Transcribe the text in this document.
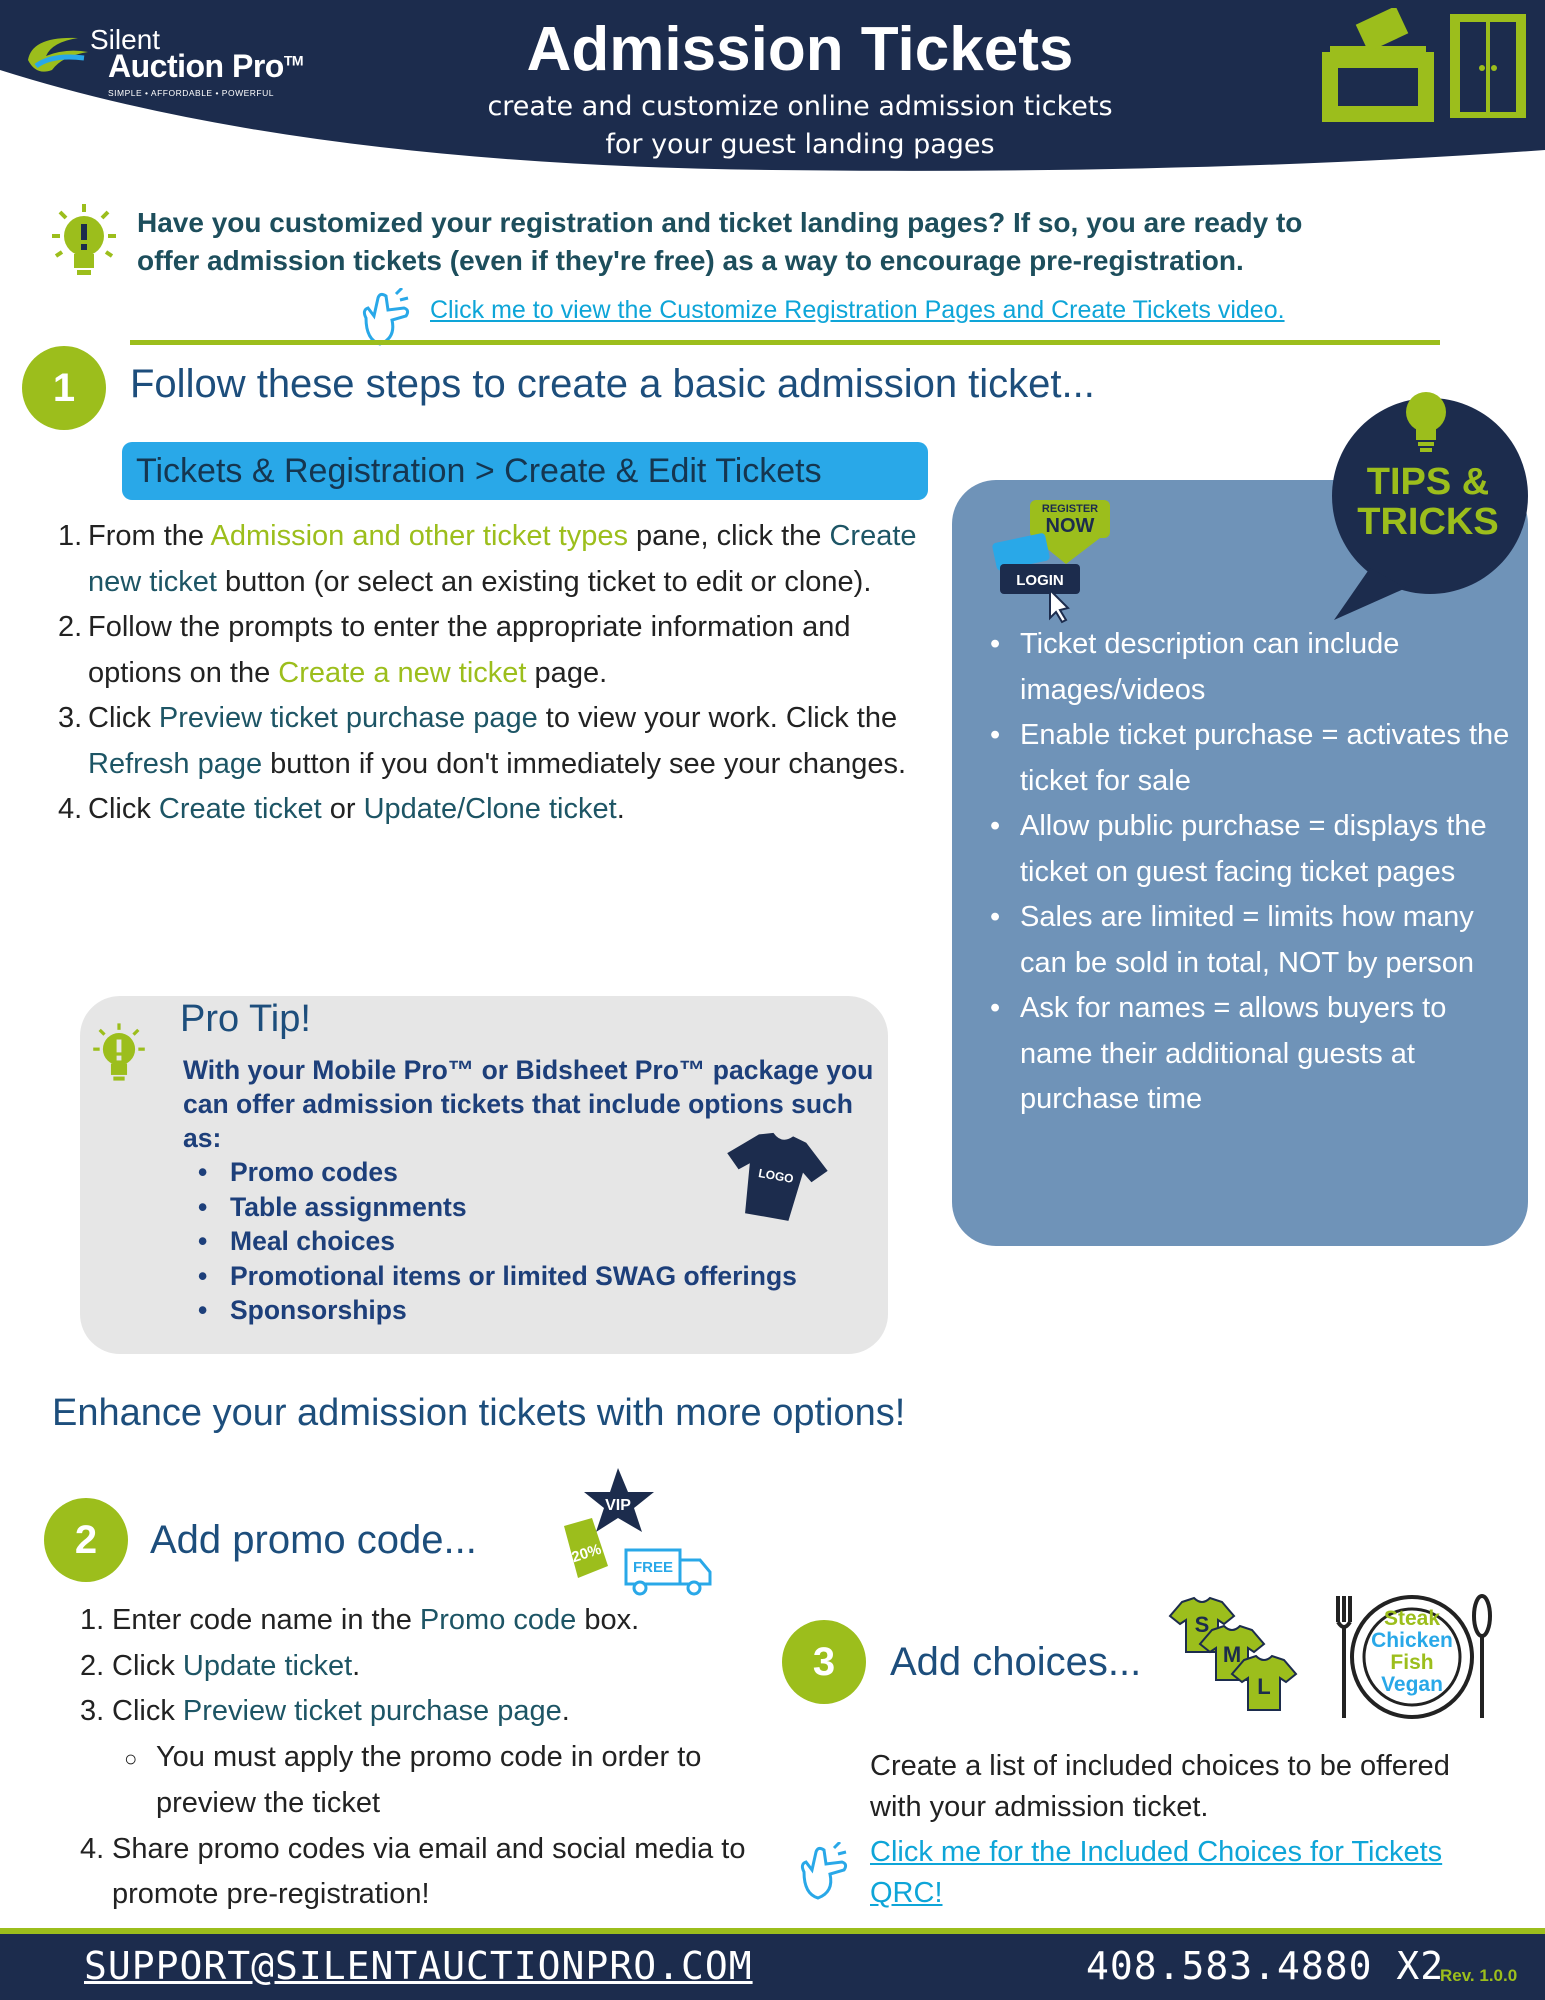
Silent
Auction Pro™
SIMPLE • AFFORDABLE • POWERFUL
Admission Tickets
create and customize online admission tickets
for your guest landing pages
Have you customized your registration and ticket landing pages? If so, you are ready to
offer admission tickets (even if they're free) as a way to encourage pre-registration.
Click me to view the Customize Registration Pages and Create Tickets video.
1	Follow these steps to create a basic admission ticket...
Tickets & Registration > Create & Edit Tickets
1. From the Admission and other ticket types pane, click the Create new ticket button (or select an existing ticket to edit or clone).
2. Follow the prompts to enter the appropriate information and options on the Create a new ticket page.
3. Click Preview ticket purchase page to view your work. Click the Refresh page button if you don't immediately see your changes.
4. Click Create ticket or Update/Clone ticket.
Pro Tip!
With your Mobile Pro™ or Bidsheet Pro™ package you can offer admission tickets that include options such as:
• Promo codes
• Table assignments
• Meal choices
• Promotional items or limited SWAG offerings
• Sponsorships
LOGO
TIPS &
TRICKS
REGISTER
NOW
LOGIN
• Ticket description can include images/videos
• Enable ticket purchase = activates the ticket for sale
• Allow public purchase = displays the ticket on guest facing ticket pages
• Sales are limited = limits how many can be sold in total, NOT by person
• Ask for names = allows buyers to name their additional guests at purchase time
Enhance your admission tickets with more options!
2	Add promo code...
VIP
20%
FREE
1. Enter code name in the Promo code box.
2. Click Update ticket.
3. Click Preview ticket purchase page.
○ You must apply the promo code in order to preview the ticket
4. Share promo codes via email and social media to promote pre-registration!
3	Add choices...
S
M
L
Steak
Chicken
Fish
Vegan
Create a list of included choices to be offered with your admission ticket.
Click me for the Included Choices for Tickets QRC!
SUPPORT@SILENTAUCTIONPRO.COM	408.583.4880 X2
Rev. 1.0.0
